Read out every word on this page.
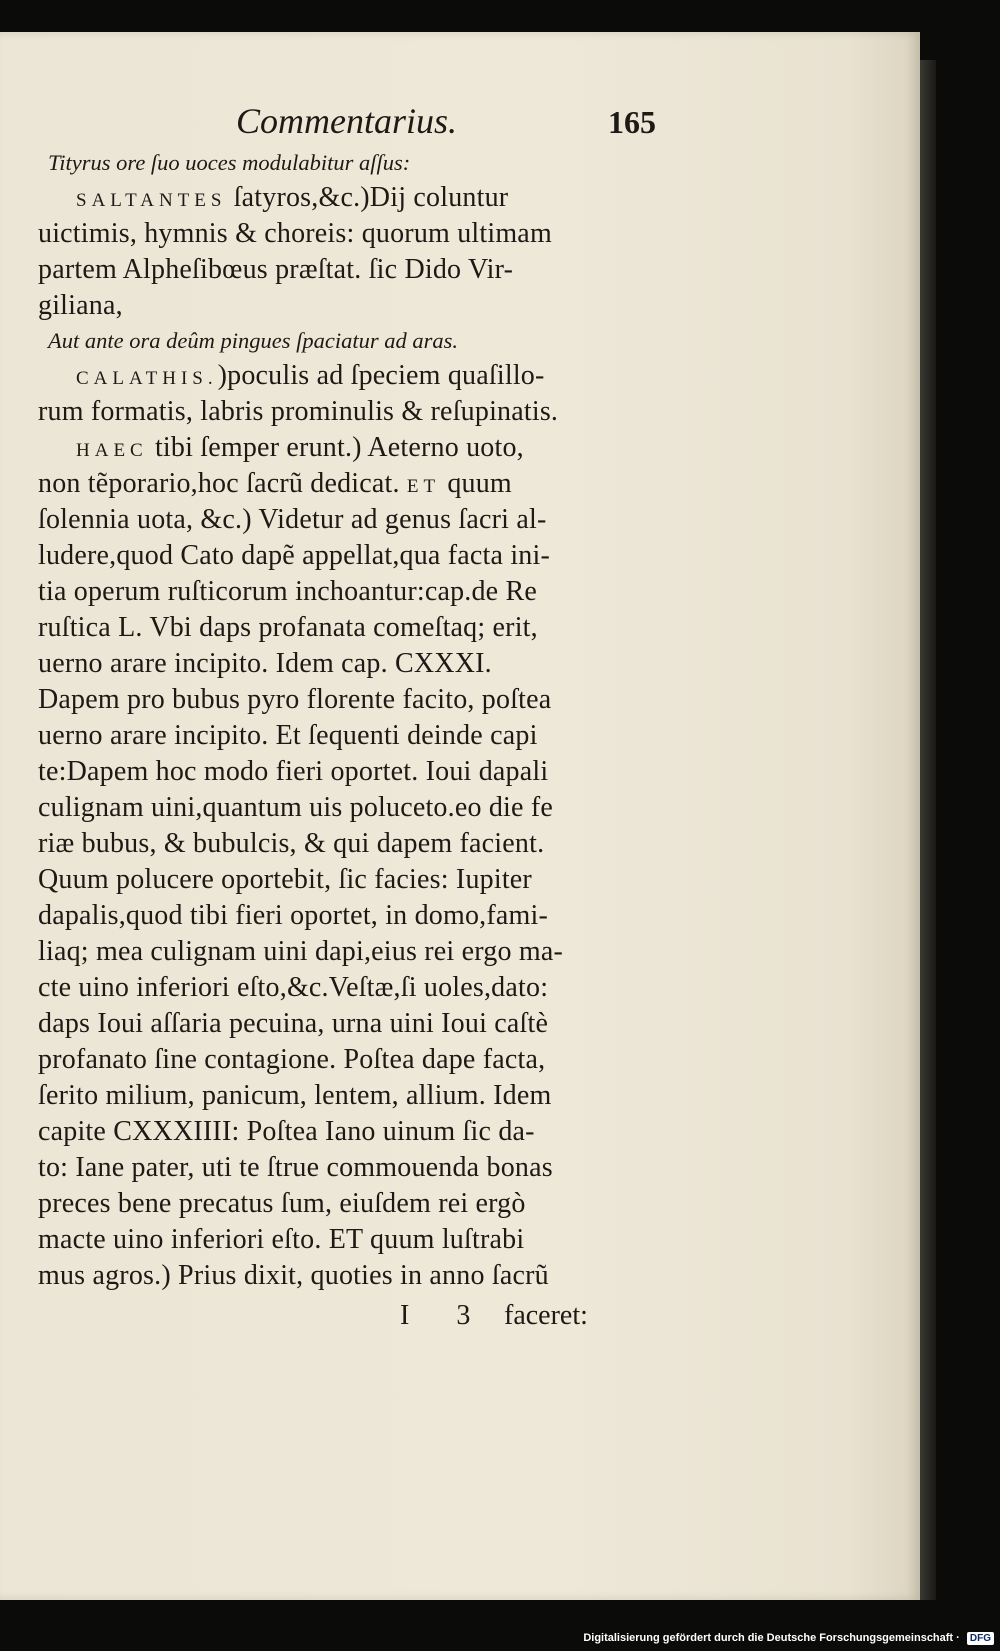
Commentarius.	165
Tityrus ore ſuo uoces modulabitur aſſus:
SALTANTES ſatyros,&c.)Dij coluntur
uictimis, hymnis & choreis: quorum ultimam
partem Alpheſibœus præſtat. ſic Dido Vir-
giliana,
Aut ante ora deûm pingues ſpaciatur ad aras.
CALATHIS.)poculis ad ſpeciem quaſillo-
rum formatis, labris prominulis & reſupinatis.
HAEC tibi ſemper erunt.) Aeterno uoto,
non tẽporario,hoc ſacrũ dedicat. ET quum
ſolennia uota, &c.) Videtur ad genus ſacri al-
ludere,quod Cato dapẽ appellat,qua facta ini-
tia operum ruſticorum inchoantur:cap.de Re
ruſtica L. Vbi daps profanata comeſtaq; erit,
uerno arare incipito. Idem cap. CXXXI.
Dapem pro bubus pyro florente facito, poſtea
uerno arare incipito. Et ſequenti deinde capi
te:Dapem hoc modo fieri oportet. Ioui dapali
culignam uini,quantum uis poluceto.eo die fe
riæ bubus, & bubulcis, & qui dapem facient.
Quum polucere oportebit, ſic facies: Iupiter
dapalis,quod tibi fieri oportet, in domo,fami-
liaq; mea culignam uini dapi,eius rei ergo ma-
cte uino inferiori eſto,&c.Veſtæ,ſi uoles,dato:
daps Ioui aſſaria pecuina, urna uini Ioui caſtè
profanato ſine contagione. Poſtea dape facta,
ſerito milium, panicum, lentem, allium. Idem
capite CXXXIIII: Poſtea Iano uinum ſic da-
to: Iane pater, uti te ſtrue commouenda bonas
preces bene precatus ſum, eiuſdem rei ergò
macte uino inferiori eſto. ET quum luſtrabi
mus agros.) Prius dixit, quoties in anno ſacrũ
I 3 faceret:
Digitalisierung gefördert durch die Deutsche Forschungsgemeinschaft · DFG
